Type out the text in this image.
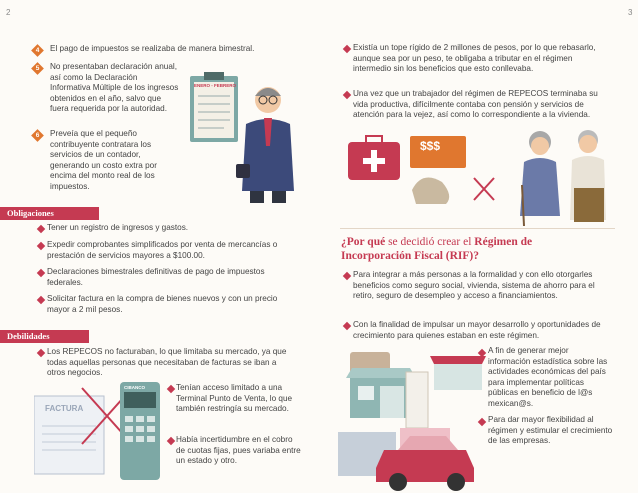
2
4	El pago de impuestos se realizaba de manera bimestral.
5	No presentaban declaración anual, así como la Declaración Informativa Múltiple de los ingresos obtenidos en el año, salvo que fuera requerida por la autoridad.
6	Preveía que el pequeño contribuyente contratara los servicios de un contador, generando un costo extra por encima del monto real de los impuestos.
ENERO - FEBRERO
Obligaciones
Tener un registro de ingresos y gastos.
Expedir comprobantes simplificados por venta de mercancías o prestación de servicios mayores a $100.00.
Declaraciones bimestrales definitivas de pago de impuestos federales.
Solicitar factura en la compra de bienes nuevos y con un precio mayor a 2 mil pesos.
Debilidades
Los REPECOS no facturaban, lo que limitaba su mercado, ya que todas aquellas personas que necesitaban de facturas se iban a otros negocios.
FACTURA
CIBANCO	Tenían acceso limitado a una Terminal Punto de Venta, lo que también restringía su mercado.
Había incertidumbre en el cobro de cuotas fijas, pues variaba entre un estado y otro.
3
Existía un tope rígido de 2 millones de pesos, por lo que rebasarlo, aunque sea por un peso, te obligaba a tributar en el régimen intermedio sin los beneficios que esto conllevaba.
Una vez que un trabajador del régimen de REPECOS terminaba su vida productiva, difícilmente contaba con pensión y servicios de atención para la vejez, así como lo correspondiente a la vivienda.
$$$
¿Por qué se decidió crear el Régimen de Incorporación Fiscal (RIF)?
Para integrar a más personas a la formalidad y con ello otorgarles beneficios como seguro social, vivienda, sistema de ahorro para el retiro, seguro de desempleo y acceso a financiamientos.
Con la finalidad de impulsar un mayor desarrollo y oportunidades de crecimiento para quienes estaban en este régimen.
A fin de generar mejor información estadística sobre las actividades económicas del país para implementar políticas públicas en beneficio de l@s mexican@s.
Para dar mayor flexibilidad al régimen y estimular el crecimiento de las empresas.
